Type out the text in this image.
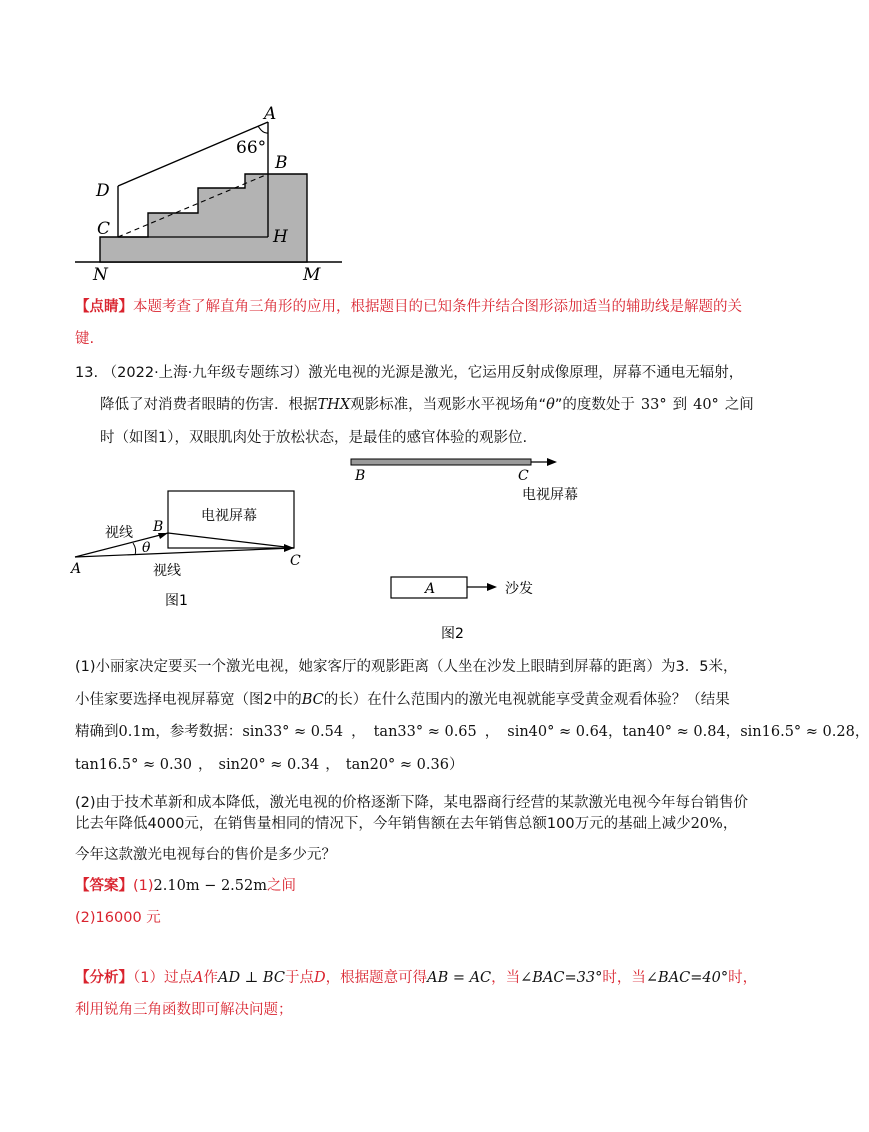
A
66°
B
D
C	H
N	M
【点睛】本题考查了解直角三角形的应用，根据题目的已知条件并结合图形添加适当的辅助线是解题的关
键.
13. （2022·上海·九年级专题练习）激光电视的光源是激光，它运用反射成像原理，屏幕不通电无辐射，
降低了对消费者眼睛的伤害．根据THX观影标准，当观影水平视场角“θ”的度数处于 33° 到 40° 之间
时（如图1），双眼肌肉处于放松状态，是最佳的感官体验的观影位.
电视屏幕
视线
视线
B
θ
A	C
图1
B	C
电视屏幕
A	沙发
图2
(1)小丽家决定要买一个激光电视，她家客厅的观影距离（人坐在沙发上眼睛到屏幕的距离）为3．5米，
小佳家要选择电视屏幕宽（图2中的BC的长）在什么范围内的激光电视就能享受黄金观看体验？（结果
精确到0.1m，参考数据：sin33° ≈ 0.54 ， tan33° ≈ 0.65 ， sin40° ≈ 0.64，tan40° ≈ 0.84，sin16.5° ≈ 0.28，
tan16.5° ≈ 0.30 ， sin20° ≈ 0.34 ， tan20° ≈ 0.36）
(2)由于技术革新和成本降低，激光电视的价格逐渐下降，某电器商行经营的某款激光电视今年每台销售价
比去年降低4000元，在销售量相同的情况下，今年销售额在去年销售总额100万元的基础上减少20%，
今年这款激光电视每台的售价是多少元？
【答案】(1)2.10m − 2.52m之间
(2)16000 元
【分析】（1）过点A作AD ⊥ BC于点D，根据题意可得AB = AC，当∠BAC=33°时，当∠BAC=40°时，
利用锐角三角函数即可解决问题；
